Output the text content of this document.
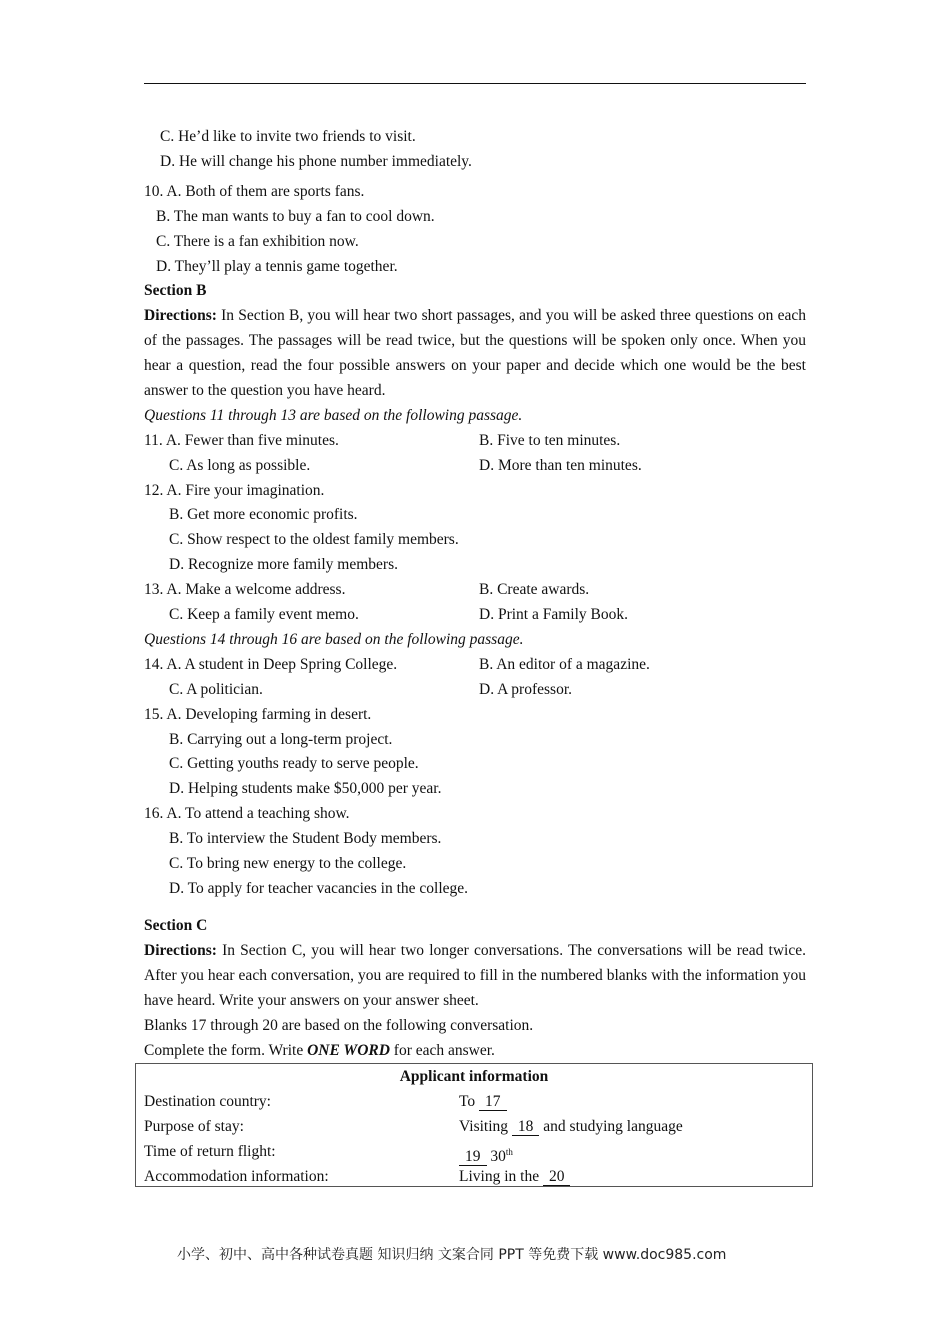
C. He’d like to invite two friends to visit.
D. He will change his phone number immediately.
10. A. Both of them are sports fans.
B. The man wants to buy a fan to cool down.
C. There is a fan exhibition now.
D. They’ll play a tennis game together.
Section B
Directions: In Section B, you will hear two short passages, and you will be asked three questions on each of the passages. The passages will be read twice, but the questions will be spoken only once. When you hear a question, read the four possible answers on your paper and decide which one would be the best answer to the question you have heard.
Questions 11 through 13 are based on the following passage.
11. A. Fewer than five minutes.	B. Five to ten minutes.
C. As long as possible.	D. More than ten minutes.
12. A. Fire your imagination.
B. Get more economic profits.
C. Show respect to the oldest family members.
D. Recognize more family members.
13. A. Make a welcome address.	B. Create awards.
C. Keep a family event memo.	D. Print a Family Book.
Questions 14 through 16 are based on the following passage.
14. A. A student in Deep Spring College.	B. An editor of a magazine.
C. A politician.	D. A professor.
15. A. Developing farming in desert.
B. Carrying out a long-term project.
C. Getting youths ready to serve people.
D. Helping students make $50,000 per year.
16. A. To attend a teaching show.
B. To interview the Student Body members.
C. To bring new energy to the college.
D. To apply for teacher vacancies in the college.
Section C
Directions: In Section C, you will hear two longer conversations. The conversations will be read twice. After you hear each conversation, you are required to fill in the numbered blanks with the information you have heard. Write your answers on your answer sheet.
Blanks 17 through 20 are based on the following conversation.
Complete the form. Write ONE WORD for each answer.
Applicant information
Destination country:	To 17
Purpose of stay:	Visiting 18 and studying language
Time of return flight:	19 30th
Accommodation information:	Living in the 20
小学、初中、高中各种试卷真题 知识归纳 文案合同 PPT 等免费下载 www.doc985.com
